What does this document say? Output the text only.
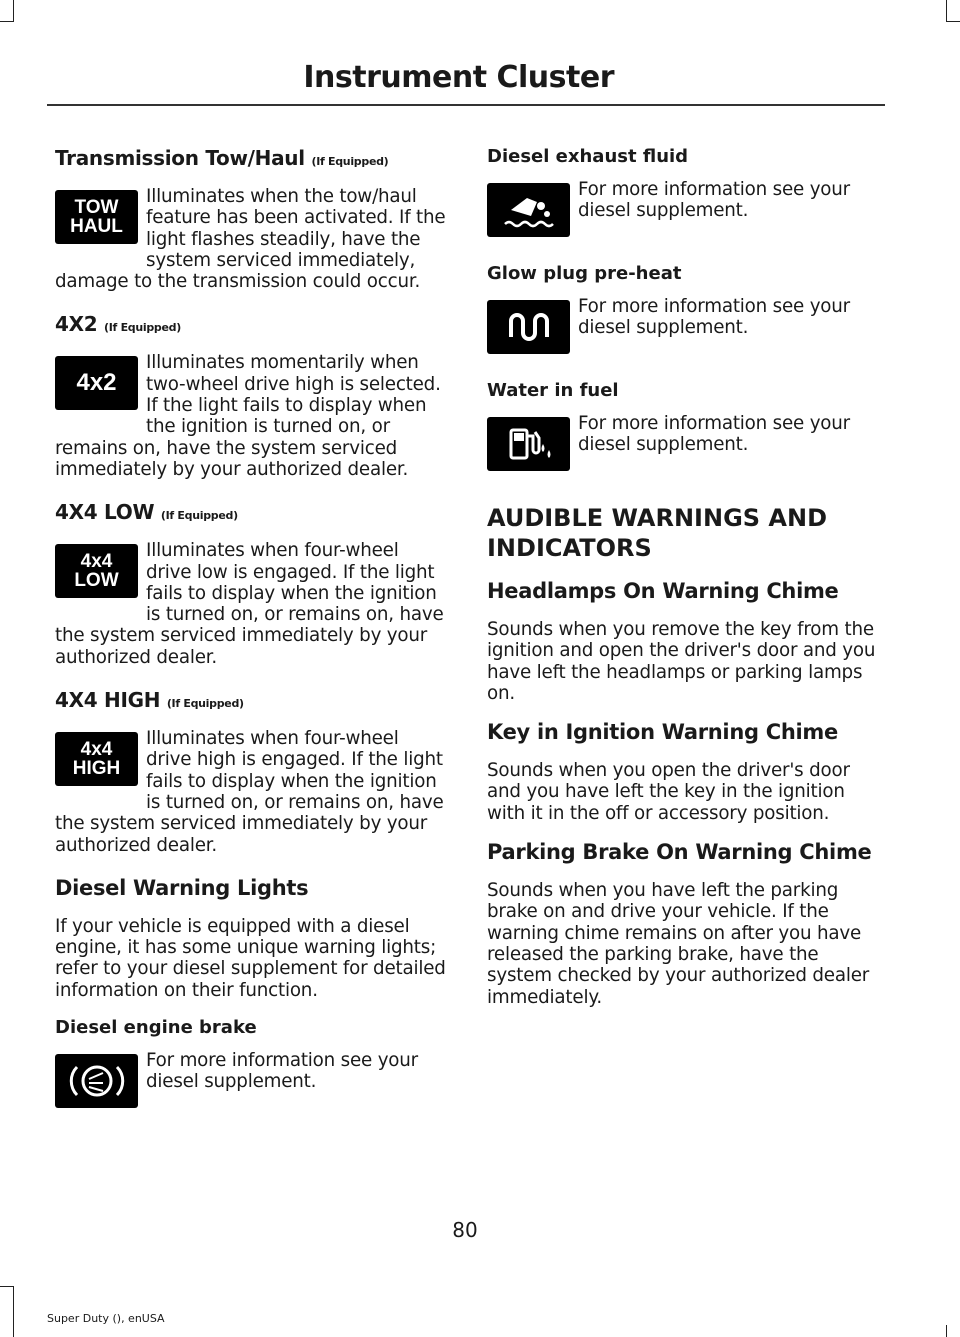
Instrument Cluster
Transmission Tow/Haul (If Equipped)
TOW
HAUL

Illuminates when the tow/haul feature has been activated. If the light flashes steadily, have the system serviced immediately, damage to the transmission could occur.

4X2 (If Equipped)
4x2

Illuminates momentarily when two-wheel drive high is selected. If the light fails to display when the ignition is turned on, or remains on, have the system serviced immediately by your authorized dealer.

4X4 LOW (If Equipped)
4x4
LOW

Illuminates when four-wheel drive low is engaged. If the light fails to display when the ignition is turned on, or remains on, have the system serviced immediately by your authorized dealer.

4X4 HIGH (If Equipped)
4x4
HIGH

Illuminates when four-wheel drive high is engaged. If the light fails to display when the ignition is turned on, or remains on, have the system serviced immediately by your authorized dealer.

Diesel Warning Lights

If your vehicle is equipped with a diesel engine, it has some unique warning lights; refer to your diesel supplement for detailed information on their function.

Diesel engine brake

For more information see your diesel supplement.

Diesel exhaust fluid

For more information see your diesel supplement.

Glow plug pre-heat

For more information see your diesel supplement.

Water in fuel

For more information see your diesel supplement.

AUDIBLE WARNINGS AND
INDICATORS
Headlamps On Warning Chime

Sounds when you remove the key from the ignition and open the driver's door and you have left the headlamps or parking lamps on.

Key in Ignition Warning Chime

Sounds when you open the driver's door and you have left the key in the ignition with it in the off or accessory position.

Parking Brake On Warning Chime

Sounds when you have left the parking brake on and drive your vehicle. If the warning chime remains on after you have released the parking brake, have the system checked by your authorized dealer immediately.

80
Super Duty (), enUSA
